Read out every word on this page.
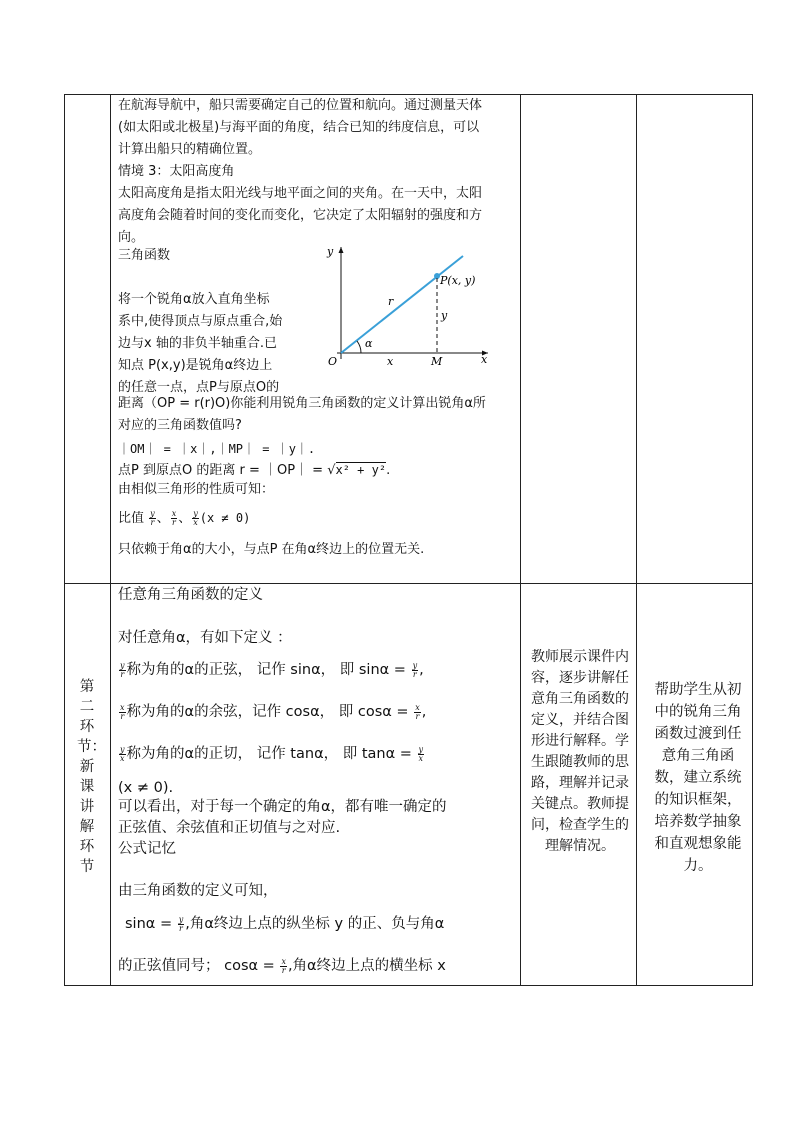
在航海导航中，船只需要确定自己的位置和航向。通过测量天体
(如太阳或北极星)与海平面的角度，结合已知的纬度信息，可以
计算出船只的精确位置。
情境 3：太阳高度角
太阳高度角是指太阳光线与地平面之间的夹角。在一天中，太阳
高度角会随着时间的变化而变化，它决定了太阳辐射的强度和方
向。
三角函数
将一个锐角α放入直角坐标
系中,使得顶点与原点重合,始
边与x 轴的非负半轴重合.已
知点 P(x,y)是锐角α终边上
的任意一点，点P与原点O的
y
x
O
P(x, y)
r
y
x	M
α
距离（OP = r(r)O)你能利用锐角三角函数的定义计算出锐角α所
对应的三角函数值吗?
｜OM｜ = ｜x｜,｜MP｜ = ｜y｜.
点P 到原点O 的距离 r = ｜OP｜ = √x² + y².
由相似三角形的性质可知：
比值 $\frac{y}{r}$ 、 $\frac{x}{r}$ 、 $\frac{y}{x} (x \ne 0)$
只依赖于角α的大小，与点P 在角α终边上的位置无关.
第二环节：新课讲解环节
任意角三角函数的定义
对任意角α，有如下定义 ：
$\frac{y}{r}$ 称为角的α的正弦， 记作 sinα， 即 $\sin\alpha = \frac{y}{r}$ ,
$\frac{x}{r}$ 称为角的α的余弦，记作 cosα， 即 $\cos\alpha = \frac{x}{r}$ ,
$\frac{y}{x}$ 称为角的α的正切， 记作 tanα， 即 $\tan\alpha = \frac{y}{x}$
(x ≠ 0).
可以看出，对于每一个确定的角α，都有唯一确定的
正弦值、余弦值和正切值与之对应.
公式记忆
由三角函数的定义可知，
$\sin\alpha = \frac{y}{r}$ ,角α终边上点的纵坐标 y 的正、负与角α
的正弦值同号； $\cos\alpha = \frac{x}{r}$ ,角α终边上点的横坐标 x
教师展示课件内容，逐步讲解任意角三角函数的定义，并结合图形进行解释。学生跟随教师的思路，理解并记录关键点。教师提问，检查学生的理解情况。
帮助学生从初中的锐角三角函数过渡到任意角三角函数，建立系统的知识框架，培养数学抽象和直观想象能力。
